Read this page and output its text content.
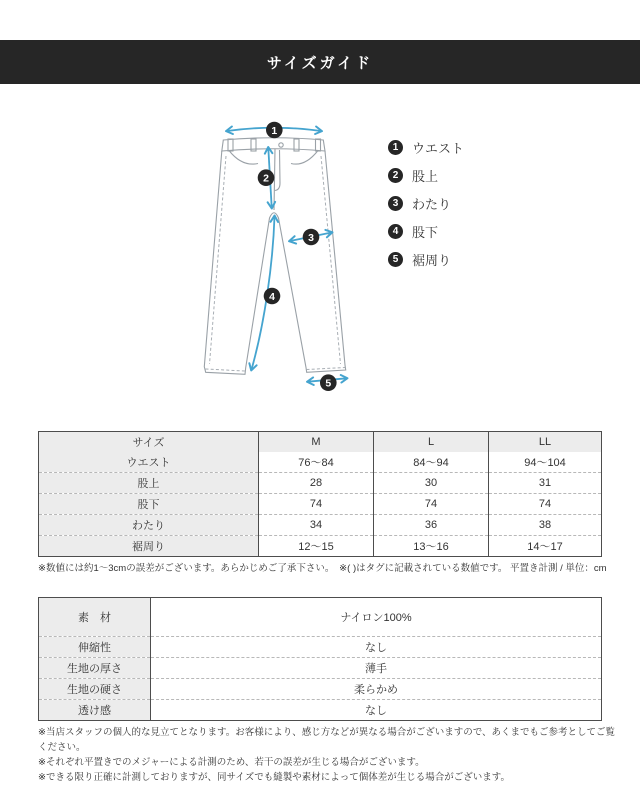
サイズガイド
1
2
3
4
5
1	ウエスト
2	股上
3	わたり
4	股下
5	裾周り
サイズ	M	L	LL
ウエスト	76〜84	84〜94	94〜104
股上	28	30	31
股下	74	74	74
わたり	34	36	38
裾周り	12〜15	13〜16	14〜17

※数値には約1〜3cmの誤差がございます。あらかじめご了承下さい。　※( )はタグに記載されている数値です。 平置き計測 / 単位：cm

素　材	ナイロン100%
伸縮性	なし
生地の厚さ	薄手
生地の硬さ	柔らかめ
透け感	なし

※当店スタッフの個人的な見立てとなります。お客様により、感じ方などが異なる場合がございますので、あくまでもご参考としてご覧ください。

※それぞれ平置きでのメジャーによる計測のため、若干の誤差が生じる場合がございます。

※できる限り正確に計測しておりますが、同サイズでも縫製や素材によって個体差が生じる場合がございます。
